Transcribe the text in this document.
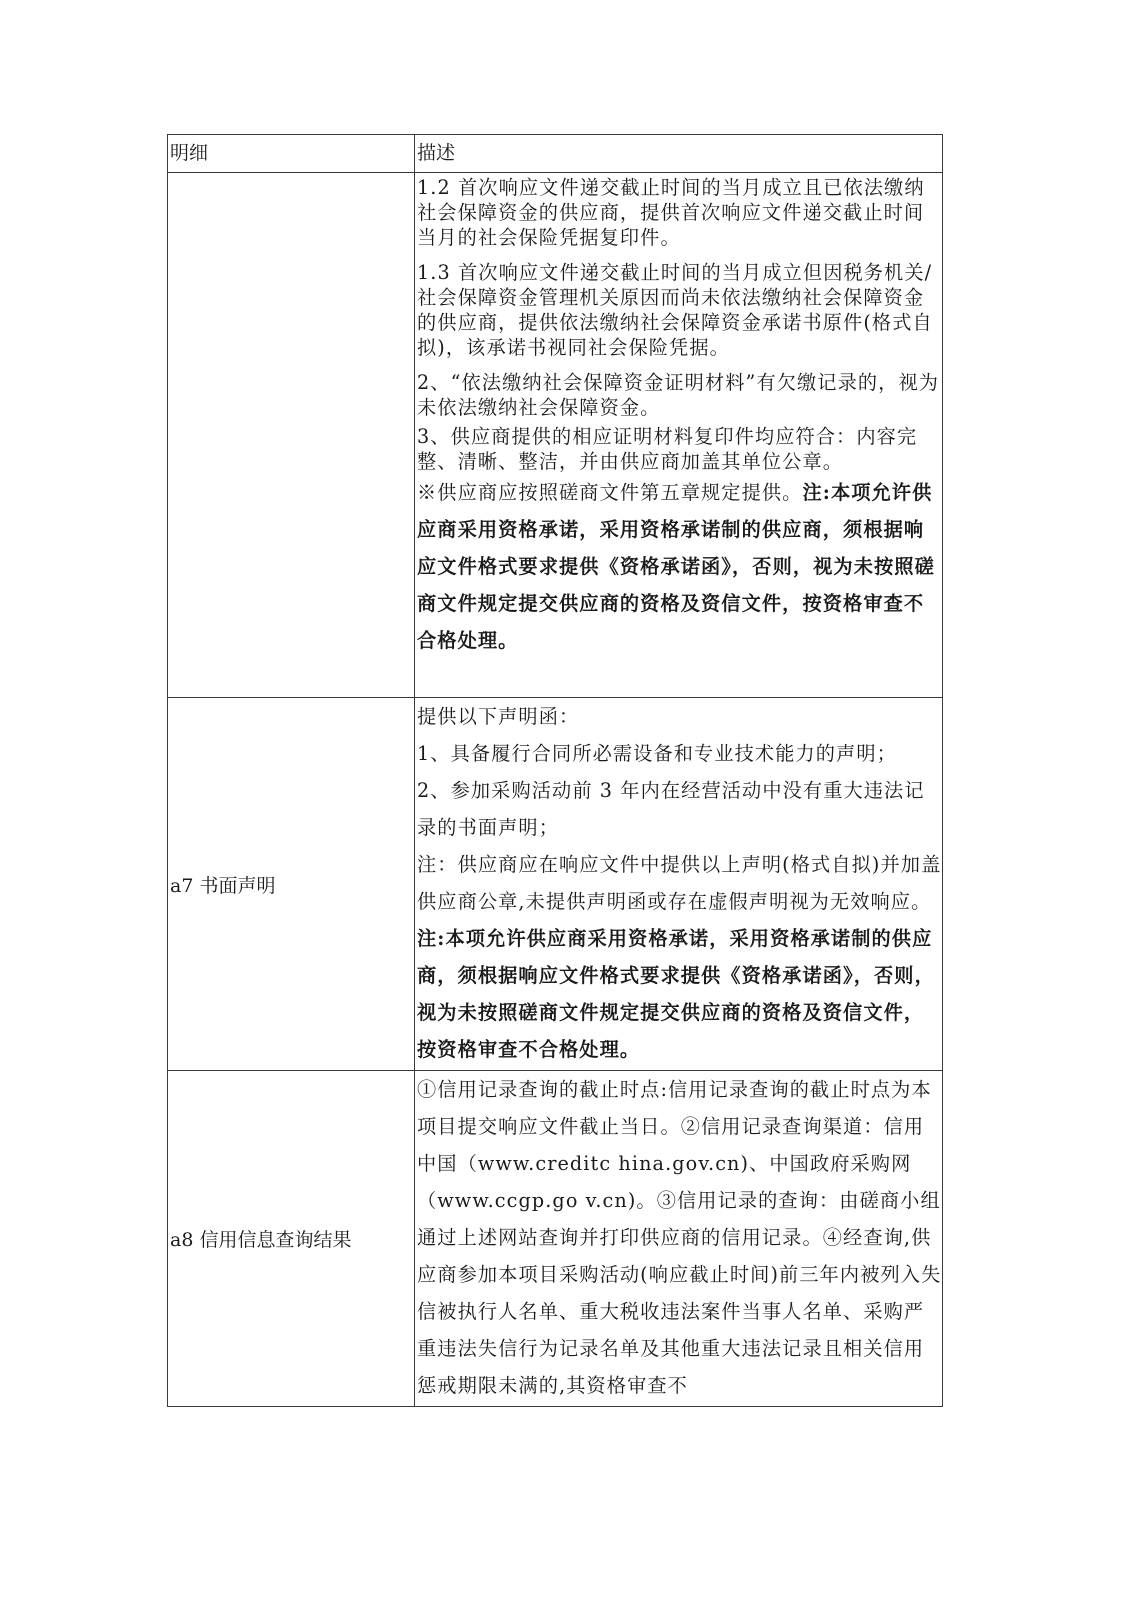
明细	描述

	1.2 首次响应文件递交截止时间的当月成立且已依法缴纳社会保障资金的供应商，提供首次响应文件递交截止时间当月的社会保险凭据复印件。

1.3 首次响应文件递交截止时间的当月成立但因税务机关/社会保障资金管理机关原因而尚未依法缴纳社会保障资金的供应商，提供依法缴纳社会保障资金承诺书原件(格式自拟)，该承诺书视同社会保险凭据。

2、“依法缴纳社会保障资金证明材料”有欠缴记录的，视为未依法缴纳社会保障资金。

3、供应商提供的相应证明材料复印件均应符合：内容完整、清晰、整洁，并由供应商加盖其单位公章。

※供应商应按照磋商文件第五章规定提供。注:本项允许供应商采用资格承诺，采用资格承诺制的供应商，须根据响应文件格式要求提供《资格承诺函》，否则，视为未按照磋商文件规定提交供应商的资格及资信文件，按资格审查不合格处理。

a7 书面声明	提供以下声明函：

1、具备履行合同所必需设备和专业技术能力的声明；

2、参加采购活动前 3 年内在经营活动中没有重大违法记录的书面声明；

注：供应商应在响应文件中提供以上声明(格式自拟)并加盖供应商公章,未提供声明函或存在虚假声明视为无效响应。注:本项允许供应商采用资格承诺，采用资格承诺制的供应商，须根据响应文件格式要求提供《资格承诺函》，否则，视为未按照磋商文件规定提交供应商的资格及资信文件，按资格审查不合格处理。

a8 信用信息查询结果	①信用记录查询的截止时点:信用记录查询的截止时点为本项目提交响应文件截止当日。②信用记录查询渠道：信用中国（www.creditc hina.gov.cn)、中国政府采购网（www.ccgp.go v.cn)。③信用记录的查询：由磋商小组通过上述网站查询并打印供应商的信用记录。④经查询,供应商参加本项目采购活动(响应截止时间)前三年内被列入失信被执行人名单、重大税收违法案件当事人名单、采购严重违法失信行为记录名单及其他重大违法记录且相关信用惩戒期限未满的,其资格审查不
